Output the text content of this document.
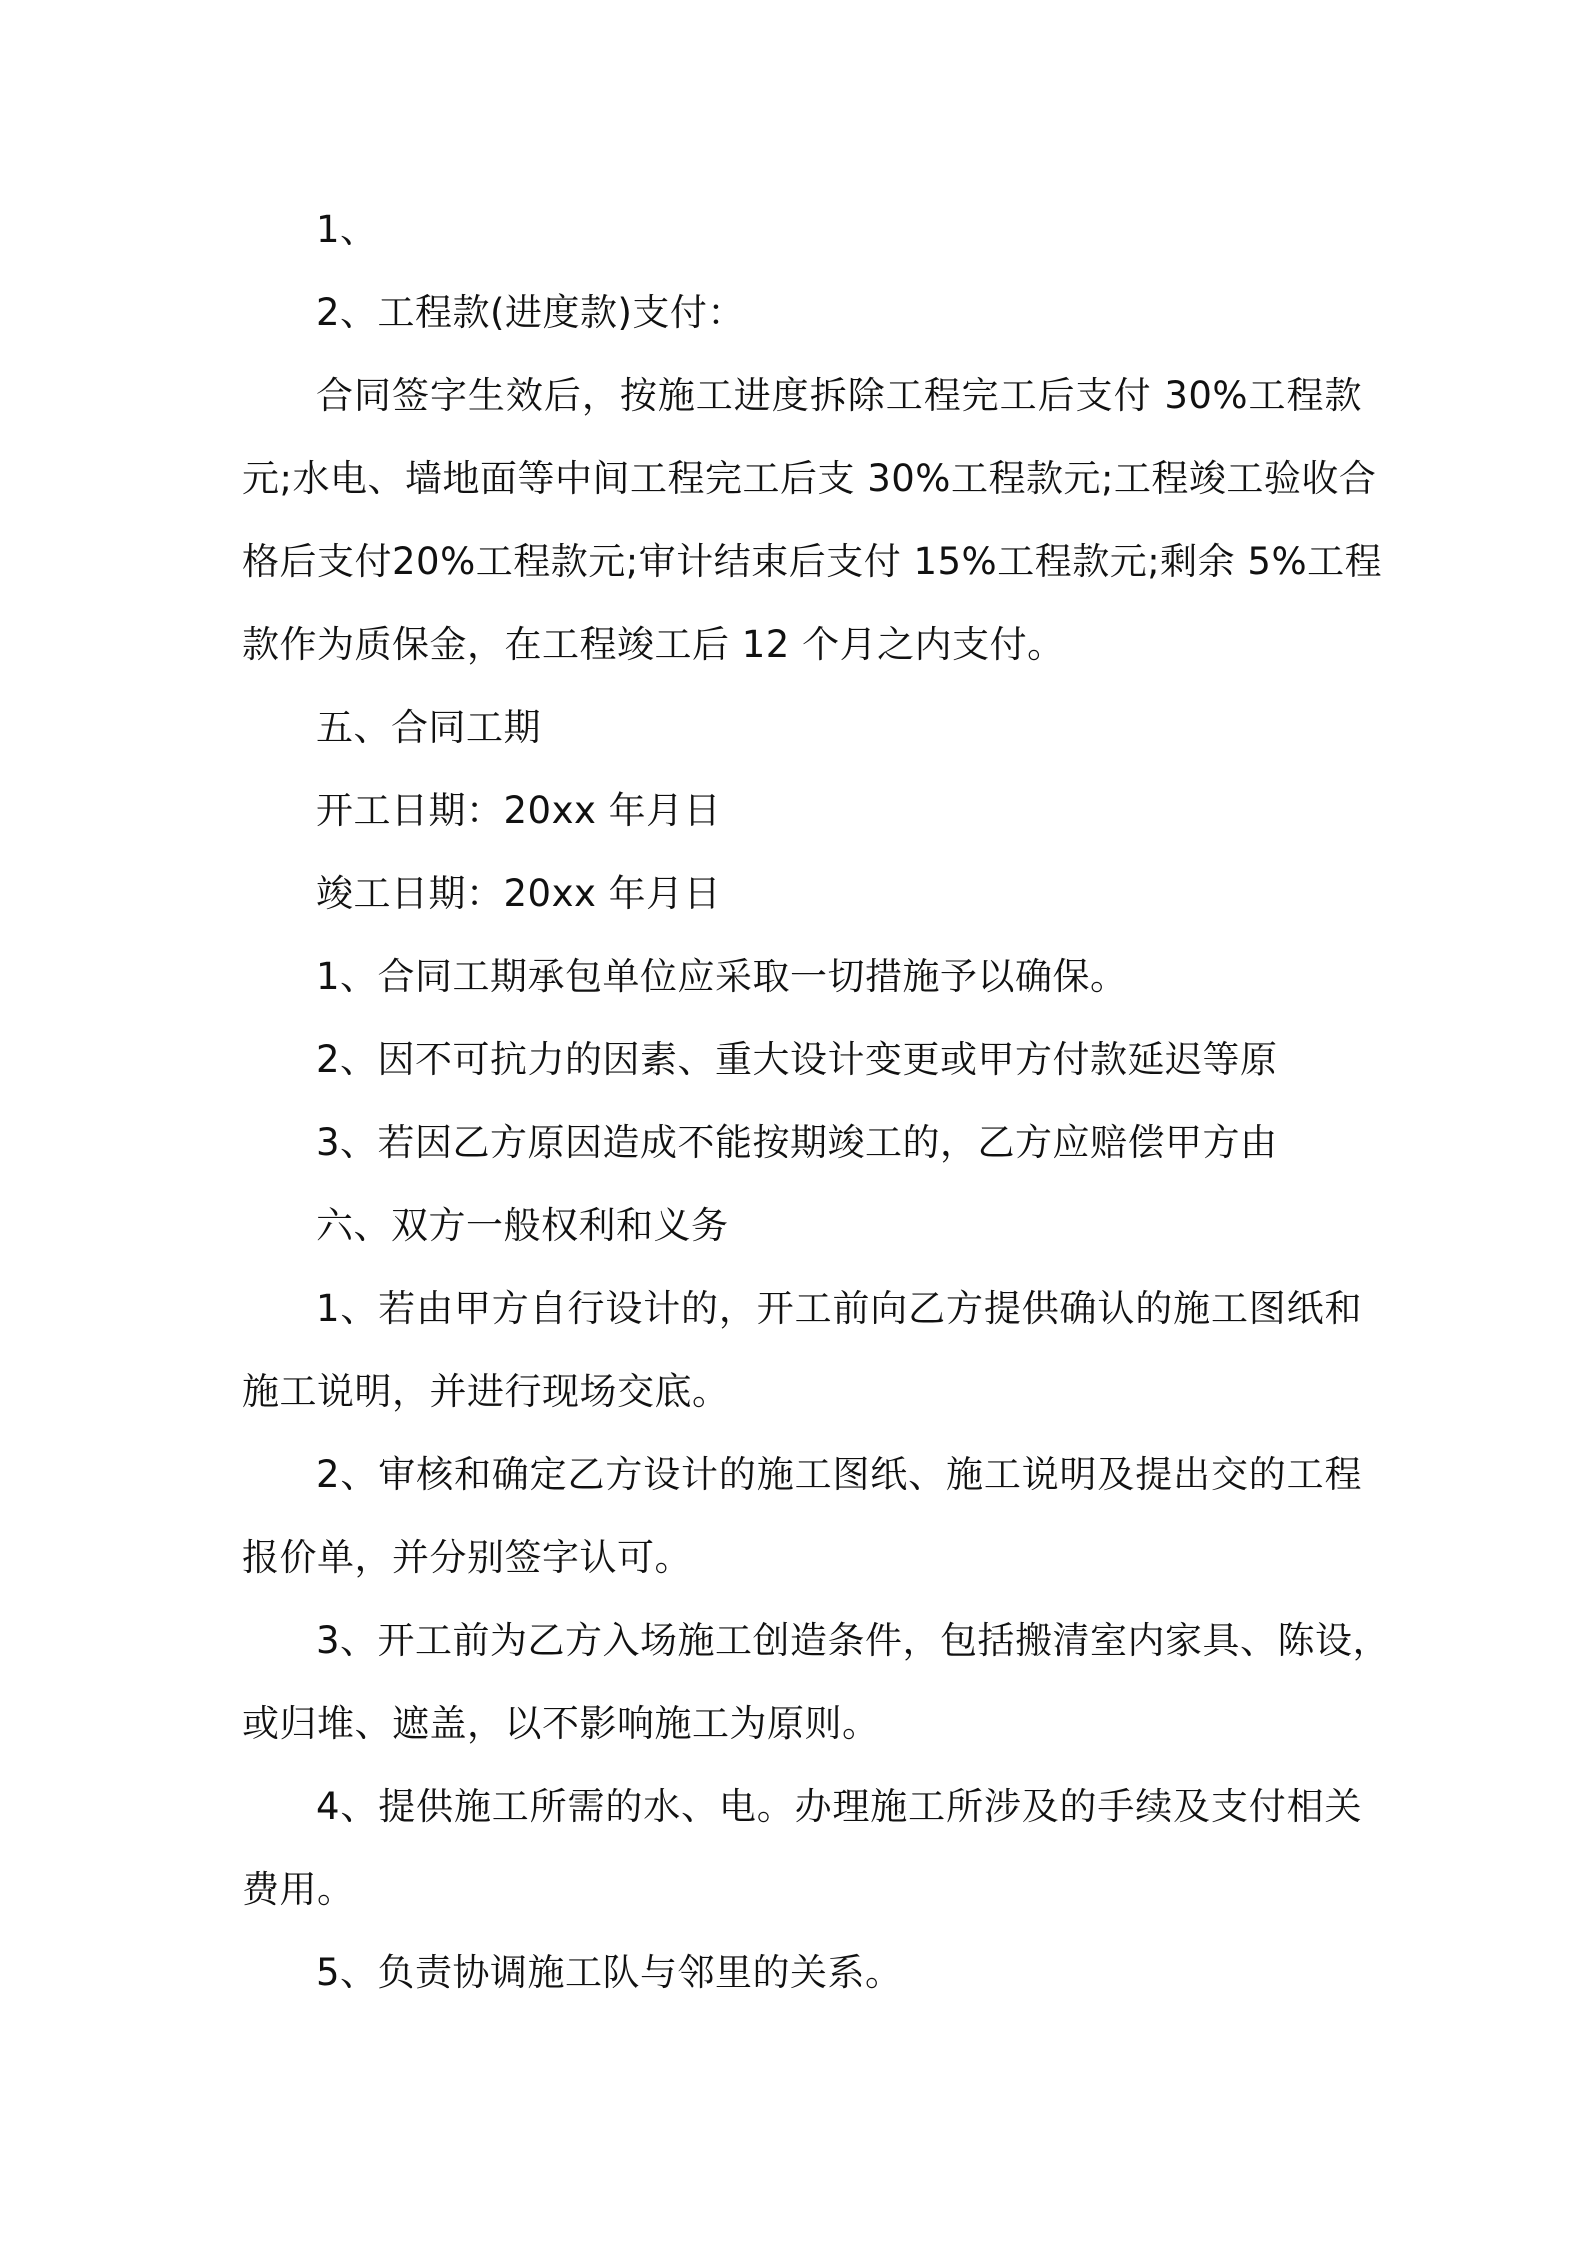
1、
2、工程款(进度款)支付：
合同签字生效后，按施工进度拆除工程完工后支付 30%工程款
元;水电、墙地面等中间工程完工后支 30%工程款元;工程竣工验收合
格后支付20%工程款元;审计结束后支付 15%工程款元;剩余 5%工程
款作为质保金，在工程竣工后 12 个月之内支付。
五、合同工期
开工日期：20xx 年月日
竣工日期：20xx 年月日
1、合同工期承包单位应采取一切措施予以确保。
2、因不可抗力的因素、重大设计变更或甲方付款延迟等原
3、若因乙方原因造成不能按期竣工的，乙方应赔偿甲方由
六、双方一般权利和义务
1、若由甲方自行设计的，开工前向乙方提供确认的施工图纸和
施工说明，并进行现场交底。
2、审核和确定乙方设计的施工图纸、施工说明及提出交的工程
报价单，并分别签字认可。
3、开工前为乙方入场施工创造条件，包括搬清室内家具、陈设，
或归堆、遮盖，以不影响施工为原则。
4、提供施工所需的水、电。办理施工所涉及的手续及支付相关
费用。
5、负责协调施工队与邻里的关系。
